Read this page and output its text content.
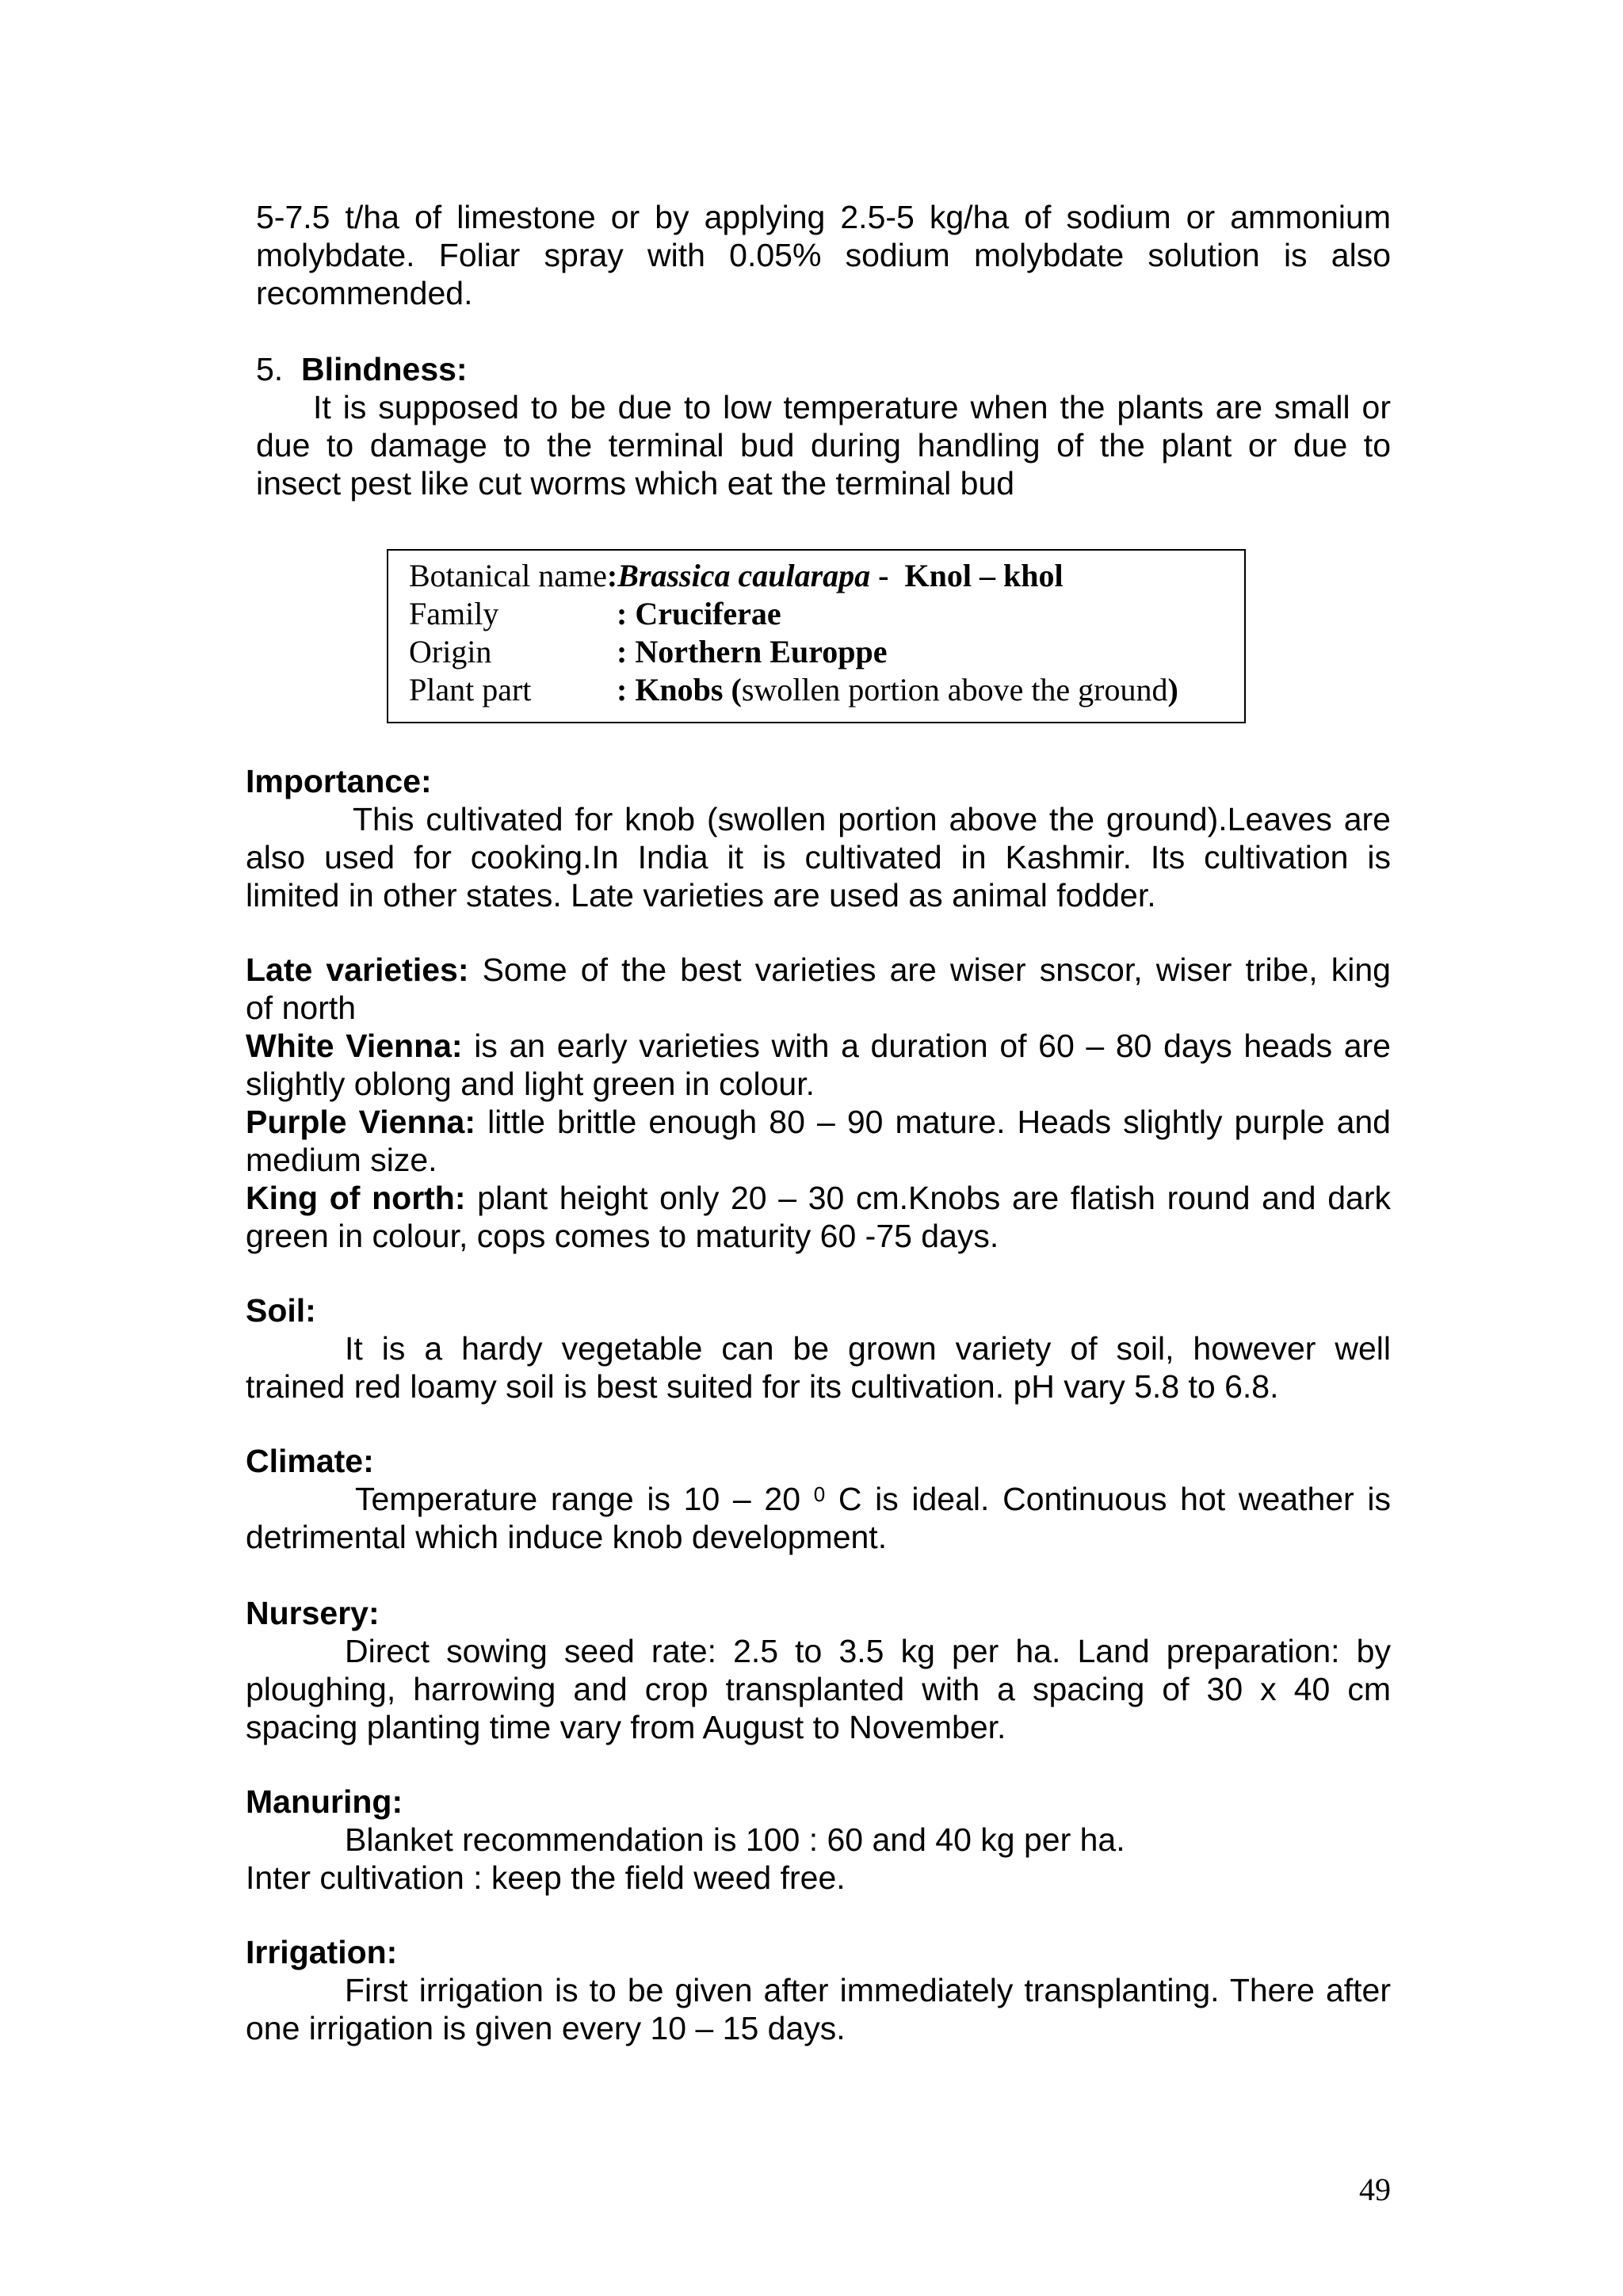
5-7.5 t/ha of limestone or by applying 2.5-5 kg/ha of sodium or ammonium
molybdate. Foliar spray with 0.05% sodium molybdate solution is also
recommended.
5. Blindness:
It is supposed to be due to low temperature when the plants are small or
due to damage to the terminal bud during handling of the plant or due to
insect pest like cut worms which eat the terminal bud
Botanical name : Brassica caularapa - Knol – khol
Family	: Cruciferae
Origin	: Northern Europpe
Plant part	: Knobs ( swollen portion above the ground )
Importance:
This cultivated for knob (swollen portion above the ground).Leaves are
also used for cooking.In India it is cultivated in Kashmir. Its cultivation is
limited in other states. Late varieties are used as animal fodder.
Late varieties: Some of the best varieties are wiser snscor, wiser tribe, king
of north
White Vienna: is an early varieties with a duration of 60 – 80 days heads are
slightly oblong and light green in colour.
Purple Vienna: little brittle enough 80 – 90 mature. Heads slightly purple and
medium size.
King of north: plant height only 20 – 30 cm.Knobs are flatish round and dark
green in colour, cops comes to maturity 60 -75 days.
Soil:
It is a hardy vegetable can be grown variety of soil, however well
trained red loamy soil is best suited for its cultivation. pH vary 5.8 to 6.8.
Climate:
Temperature range is 10 – 20 $^0$ C is ideal. Continuous hot weather is
detrimental which induce knob development.
Nursery:
Direct sowing seed rate: 2.5 to 3.5 kg per ha. Land preparation: by
ploughing, harrowing and crop transplanted with a spacing of 30 x 40 cm
spacing planting time vary from August to November.
Manuring:
Blanket recommendation is 100 : 60 and 40 kg per ha.
Inter cultivation : keep the field weed free.
Irrigation:
First irrigation is to be given after immediately transplanting. There after
one irrigation is given every 10 – 15 days.
49
